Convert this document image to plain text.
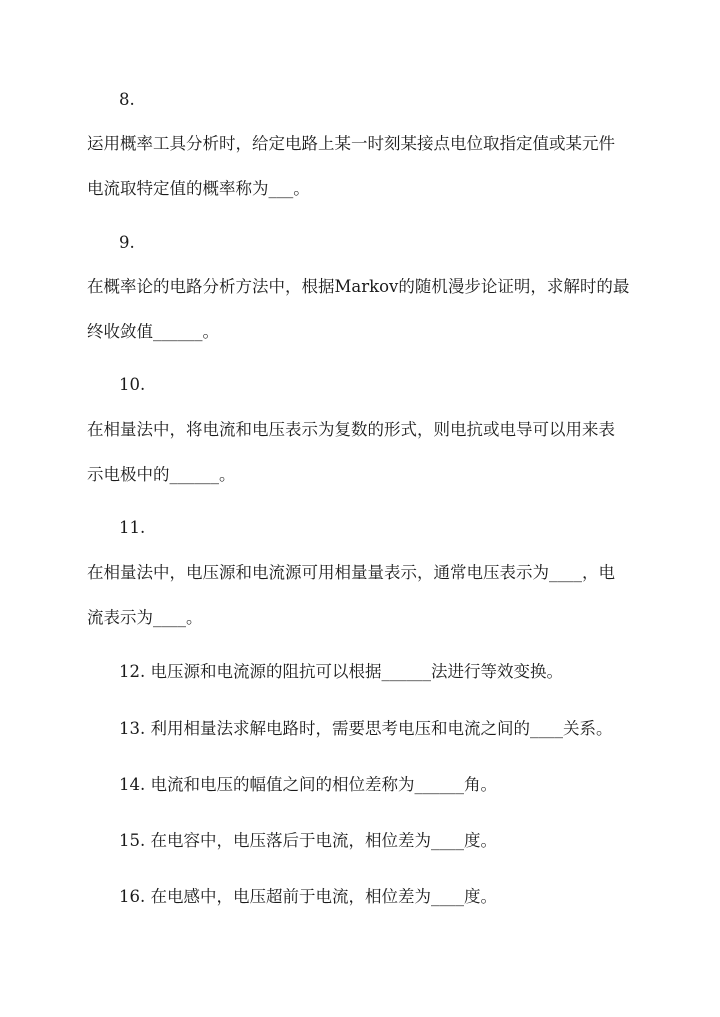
8.
运用概率工具分析时，给定电路上某一时刻某接点电位取指定值或某元件
电流取特定值的概率称为___。
9.
在概率论的电路分析方法中，根据Markov的随机漫步论证明，求解时的最
终收敛值______。
10.
在相量法中，将电流和电压表示为复数的形式，则电抗或电导可以用来表
示电极中的______。
11.
在相量法中，电压源和电流源可用相量量表示，通常电压表示为____，电
流表示为____。
12. 电压源和电流源的阻抗可以根据______法进行等效变换。
13. 利用相量法求解电路时，需要思考电压和电流之间的____关系。
14. 电流和电压的幅值之间的相位差称为______角。
15. 在电容中，电压落后于电流，相位差为____度。
16. 在电感中，电压超前于电流，相位差为____度。
